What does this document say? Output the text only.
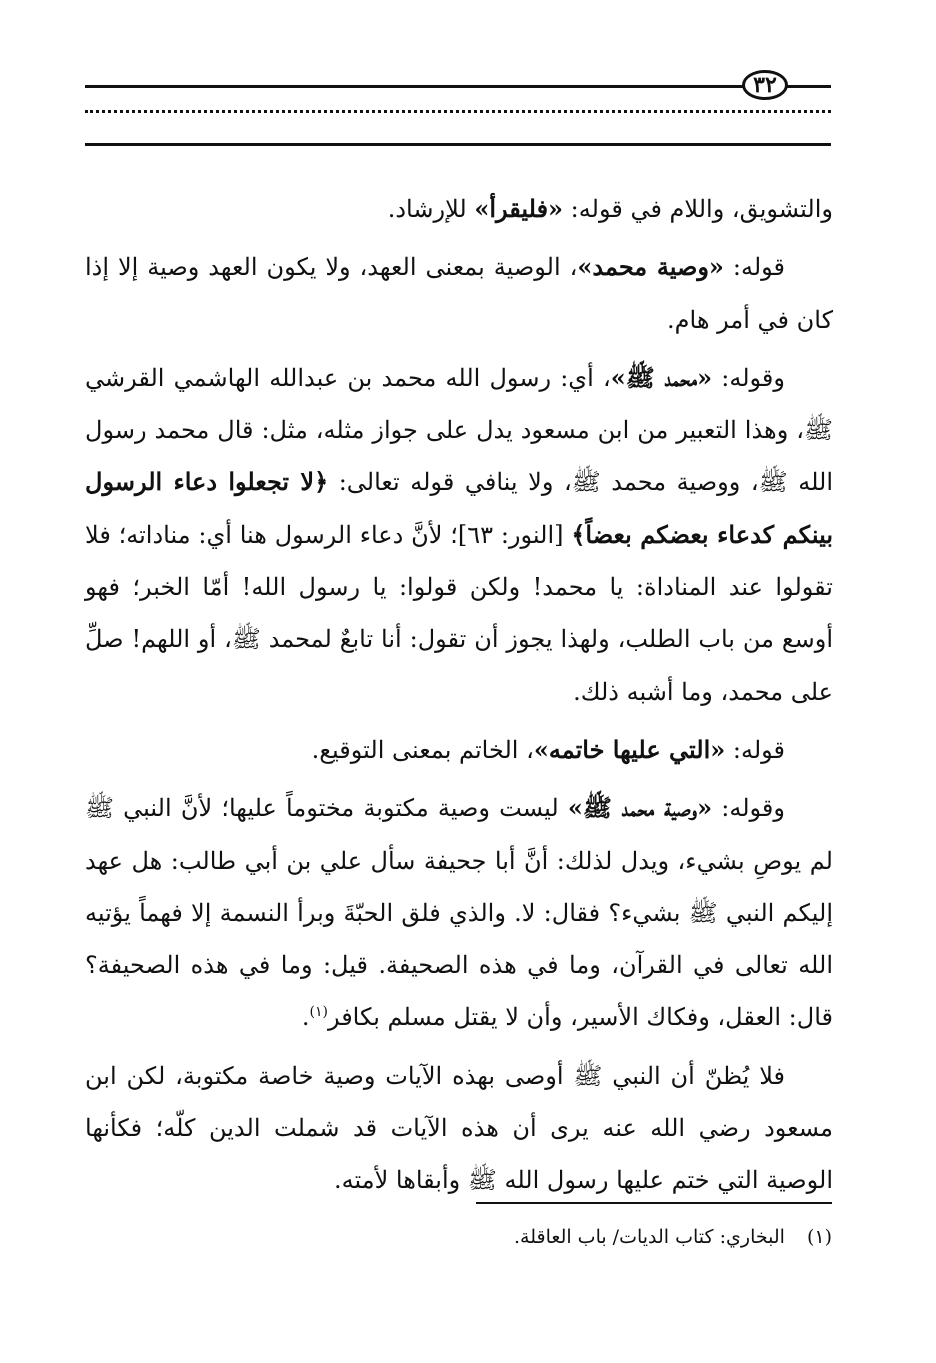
٣٢

والتشويق، واللام في قوله: «فليقرأ» للإرشاد.

قوله: «وصية محمد»، الوصية بمعنى العهد، ولا يكون العهد وصية إلا إذا كان في أمر هام.

وقوله: «محمد ﷺ»، أي: رسول الله محمد بن عبدالله الهاشمي القرشي ﷺ، وهذا التعبير من ابن مسعود يدل على جواز مثله، مثل: قال محمد رسول الله ﷺ، ووصية محمد ﷺ، ولا ينافي قوله تعالى: ﴿لا تجعلوا دعاء الرسول بينكم كدعاء بعضكم بعضاً﴾ [النور: ٦٣]؛ لأنَّ دعاء الرسول هنا أي: مناداته؛ فلا تقولوا عند المناداة: يا محمد! ولكن قولوا: يا رسول الله! أمّا الخبر؛ فهو أوسع من باب الطلب، ولهذا يجوز أن تقول: أنا تابعٌ لمحمد ﷺ، أو اللهم! صلِّ على محمد، وما أشبه ذلك.

قوله: «التي عليها خاتمه»، الخاتم بمعنى التوقيع.

وقوله: «وصية محمد ﷺ» ليست وصية مكتوبة مختوماً عليها؛ لأنَّ النبي ﷺ لم يوصِ بشيء، ويدل لذلك: أنَّ أبا جحيفة سأل علي بن أبي طالب: هل عهد إليكم النبي ﷺ بشيء؟ فقال: لا. والذي فلق الحبّةَ وبرأ النسمة إلا فهماً يؤتيه الله تعالى في القرآن، وما في هذه الصحيفة. قيل: وما في هذه الصحيفة؟ قال: العقل، وفكاك الأسير، وأن لا يقتل مسلم بكافر$^{(١)}$.

فلا يُظنّ أن النبي ﷺ أوصى بهذه الآيات وصية خاصة مكتوبة، لكن ابن مسعود رضي الله عنه يرى أن هذه الآيات قد شملت الدين كلّه؛ فكأنها الوصية التي ختم عليها رسول الله ﷺ وأبقاها لأمته.

(١)البخاري: كتاب الديات/ باب العاقلة.
